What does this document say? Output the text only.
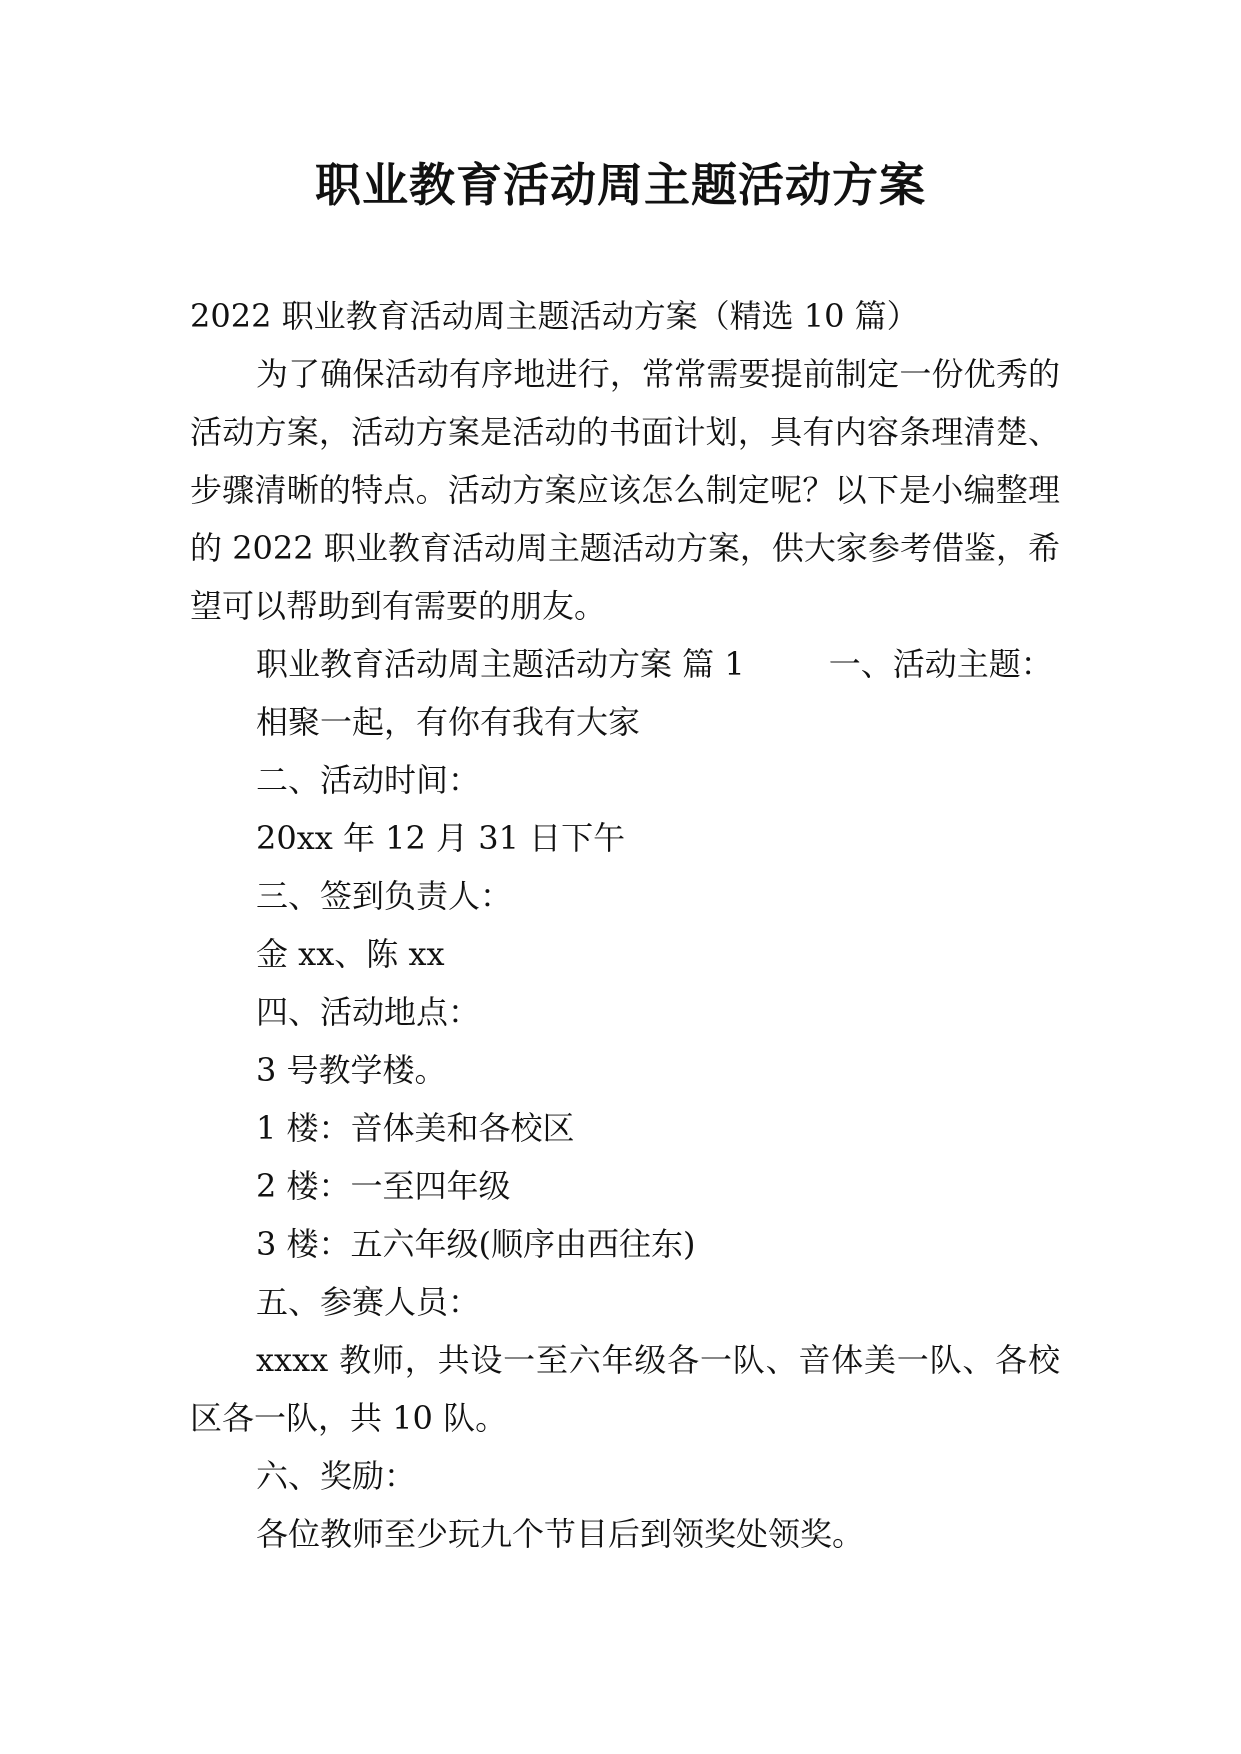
职业教育活动周主题活动方案

2022 职业教育活动周主题活动方案（精选 10 篇）

为了确保活动有序地进行，常常需要提前制定一份优秀的活动方案，活动方案是活动的书面计划，具有内容条理清楚、步骤清晰的特点。活动方案应该怎么制定呢？以下是小编整理的 2022 职业教育活动周主题活动方案，供大家参考借鉴，希望可以帮助到有需要的朋友。

职业教育活动周主题活动方案 篇 1	一、活动主题：

相聚一起，有你有我有大家

二、活动时间：

20xx 年 12 月 31 日下午

三、签到负责人：

金 xx、陈 xx

四、活动地点：

3 号教学楼。

1 楼：音体美和各校区

2 楼：一至四年级

3 楼：五六年级(顺序由西往东)

五、参赛人员：

xxxx 教师，共设一至六年级各一队、音体美一队、各校区各一队，共 10 队。

六、奖励：

各位教师至少玩九个节目后到领奖处领奖。
